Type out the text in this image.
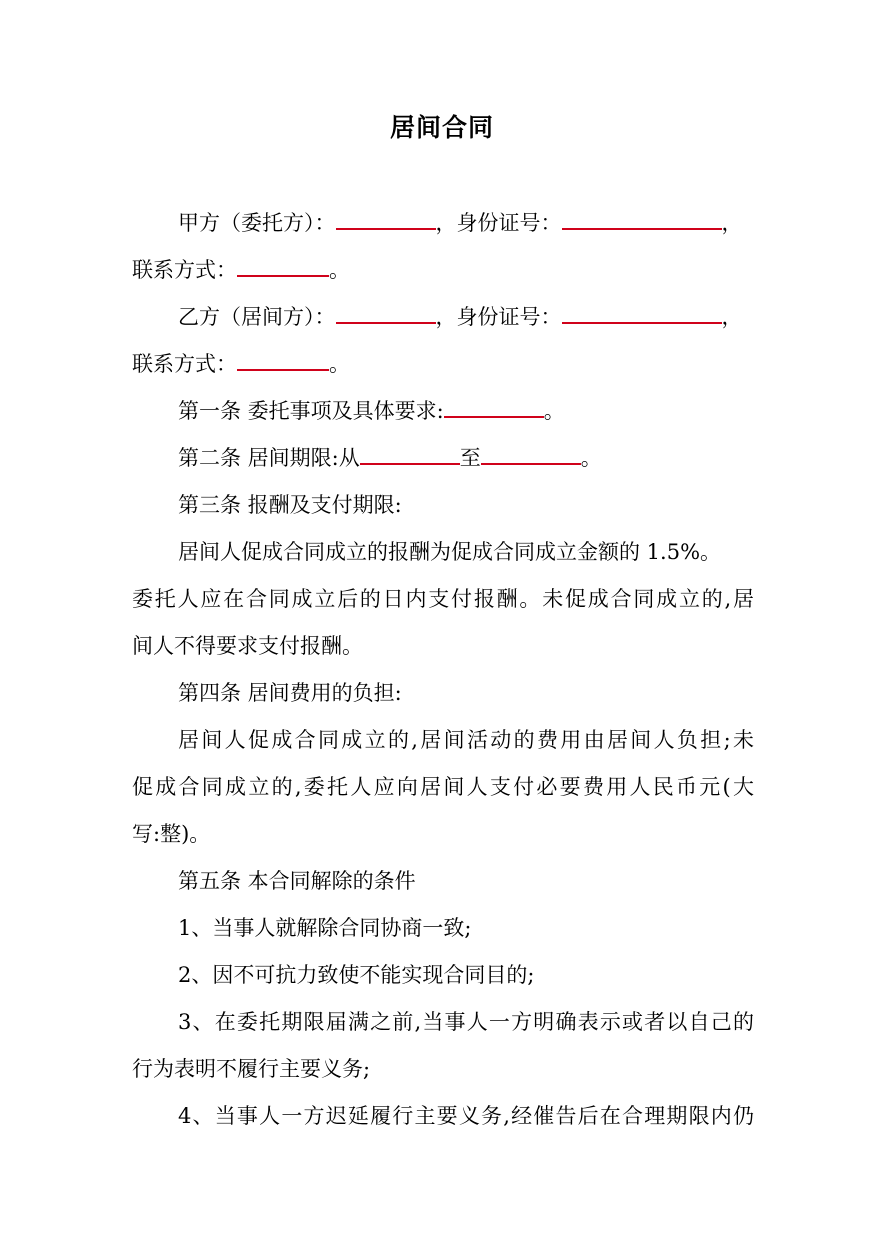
居间合同
甲方（委托方）：	，身份证号：	，
联系方式：	。
乙方（居间方）：	，身份证号：	，
联系方式：	。
第一条 委托事项及具体要求:	。
第二条 居间期限:从	至	。
第三条 报酬及支付期限:
居间人促成合同成立的报酬为促成合同成立金额的 1.5%。
委托人应在合同成立后的日内支付报酬。未促成合同成立的,居
间人不得要求支付报酬。
第四条 居间费用的负担:
居间人促成合同成立的,居间活动的费用由居间人负担;未
促成合同成立的,委托人应向居间人支付必要费用人民币元(大
写:整)。
第五条 本合同解除的条件
1、当事人就解除合同协商一致;
2、因不可抗力致使不能实现合同目的;
3、在委托期限届满之前,当事人一方明确表示或者以自己的
行为表明不履行主要义务;
4、当事人一方迟延履行主要义务,经催告后在合理期限内仍
